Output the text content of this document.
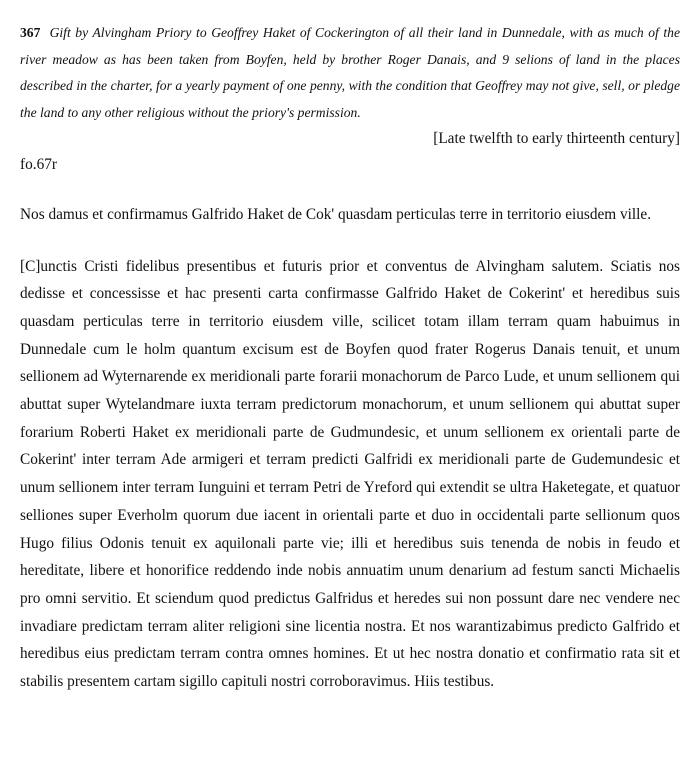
367 Gift by Alvingham Priory to Geoffrey Haket of Cockerington of all their land in Dunnedale, with as much of the river meadow as has been taken from Boyfen, held by brother Roger Danais, and 9 selions of land in the places described in the charter, for a yearly payment of one penny, with the condition that Geoffrey may not give, sell, or pledge the land to any other religious without the priory's permission.

[Late twelfth to early thirteenth century]

fo.67r

Nos damus et confirmamus Galfrido Haket de Cok' quasdam perticulas terre in territorio eiusdem ville.

[C]unctis Cristi fidelibus presentibus et futuris prior et conventus de Alvingham salutem. Sciatis nos dedisse et concessisse et hac presenti carta confirmasse Galfrido Haket de Cokerint' et heredibus suis quasdam perticulas terre in territorio eiusdem ville, scilicet totam illam terram quam habuimus in Dunnedale cum le holm quantum excisum est de Boyfen quod frater Rogerus Danais tenuit, et unum sellionem ad Wyternarende ex meridionali parte forarii monachorum de Parco Lude, et unum sellionem qui abuttat super Wytelandmare iuxta terram predictorum monachorum, et unum sellionem qui abuttat super forarium Roberti Haket ex meridionali parte de Gudmundesic, et unum sellionem ex orientali parte de Cokerint' inter terram Ade armigeri et terram predicti Galfridi ex meridionali parte de Gudemundesic et unum sellionem inter terram Iunguini et terram Petri de Yreford qui extendit se ultra Haketegate, et quatuor selliones super Everholm quorum due iacent in orientali parte et duo in occidentali parte sellionum quos Hugo filius Odonis tenuit ex aquilonali parte vie; illi et heredibus suis tenenda de nobis in feudo et hereditate, libere et honorifice reddendo inde nobis annuatim unum denarium ad festum sancti Michaelis pro omni servitio. Et sciendum quod predictus Galfridus et heredes sui non possunt dare nec vendere nec invadiare predictam terram aliter religioni sine licentia nostra. Et nos warantizabimus predicto Galfrido et heredibus eius predictam terram contra omnes homines. Et ut hec nostra donatio et confirmatio rata sit et stabilis presentem cartam sigillo capituli nostri corroboravimus. Hiis testibus.
